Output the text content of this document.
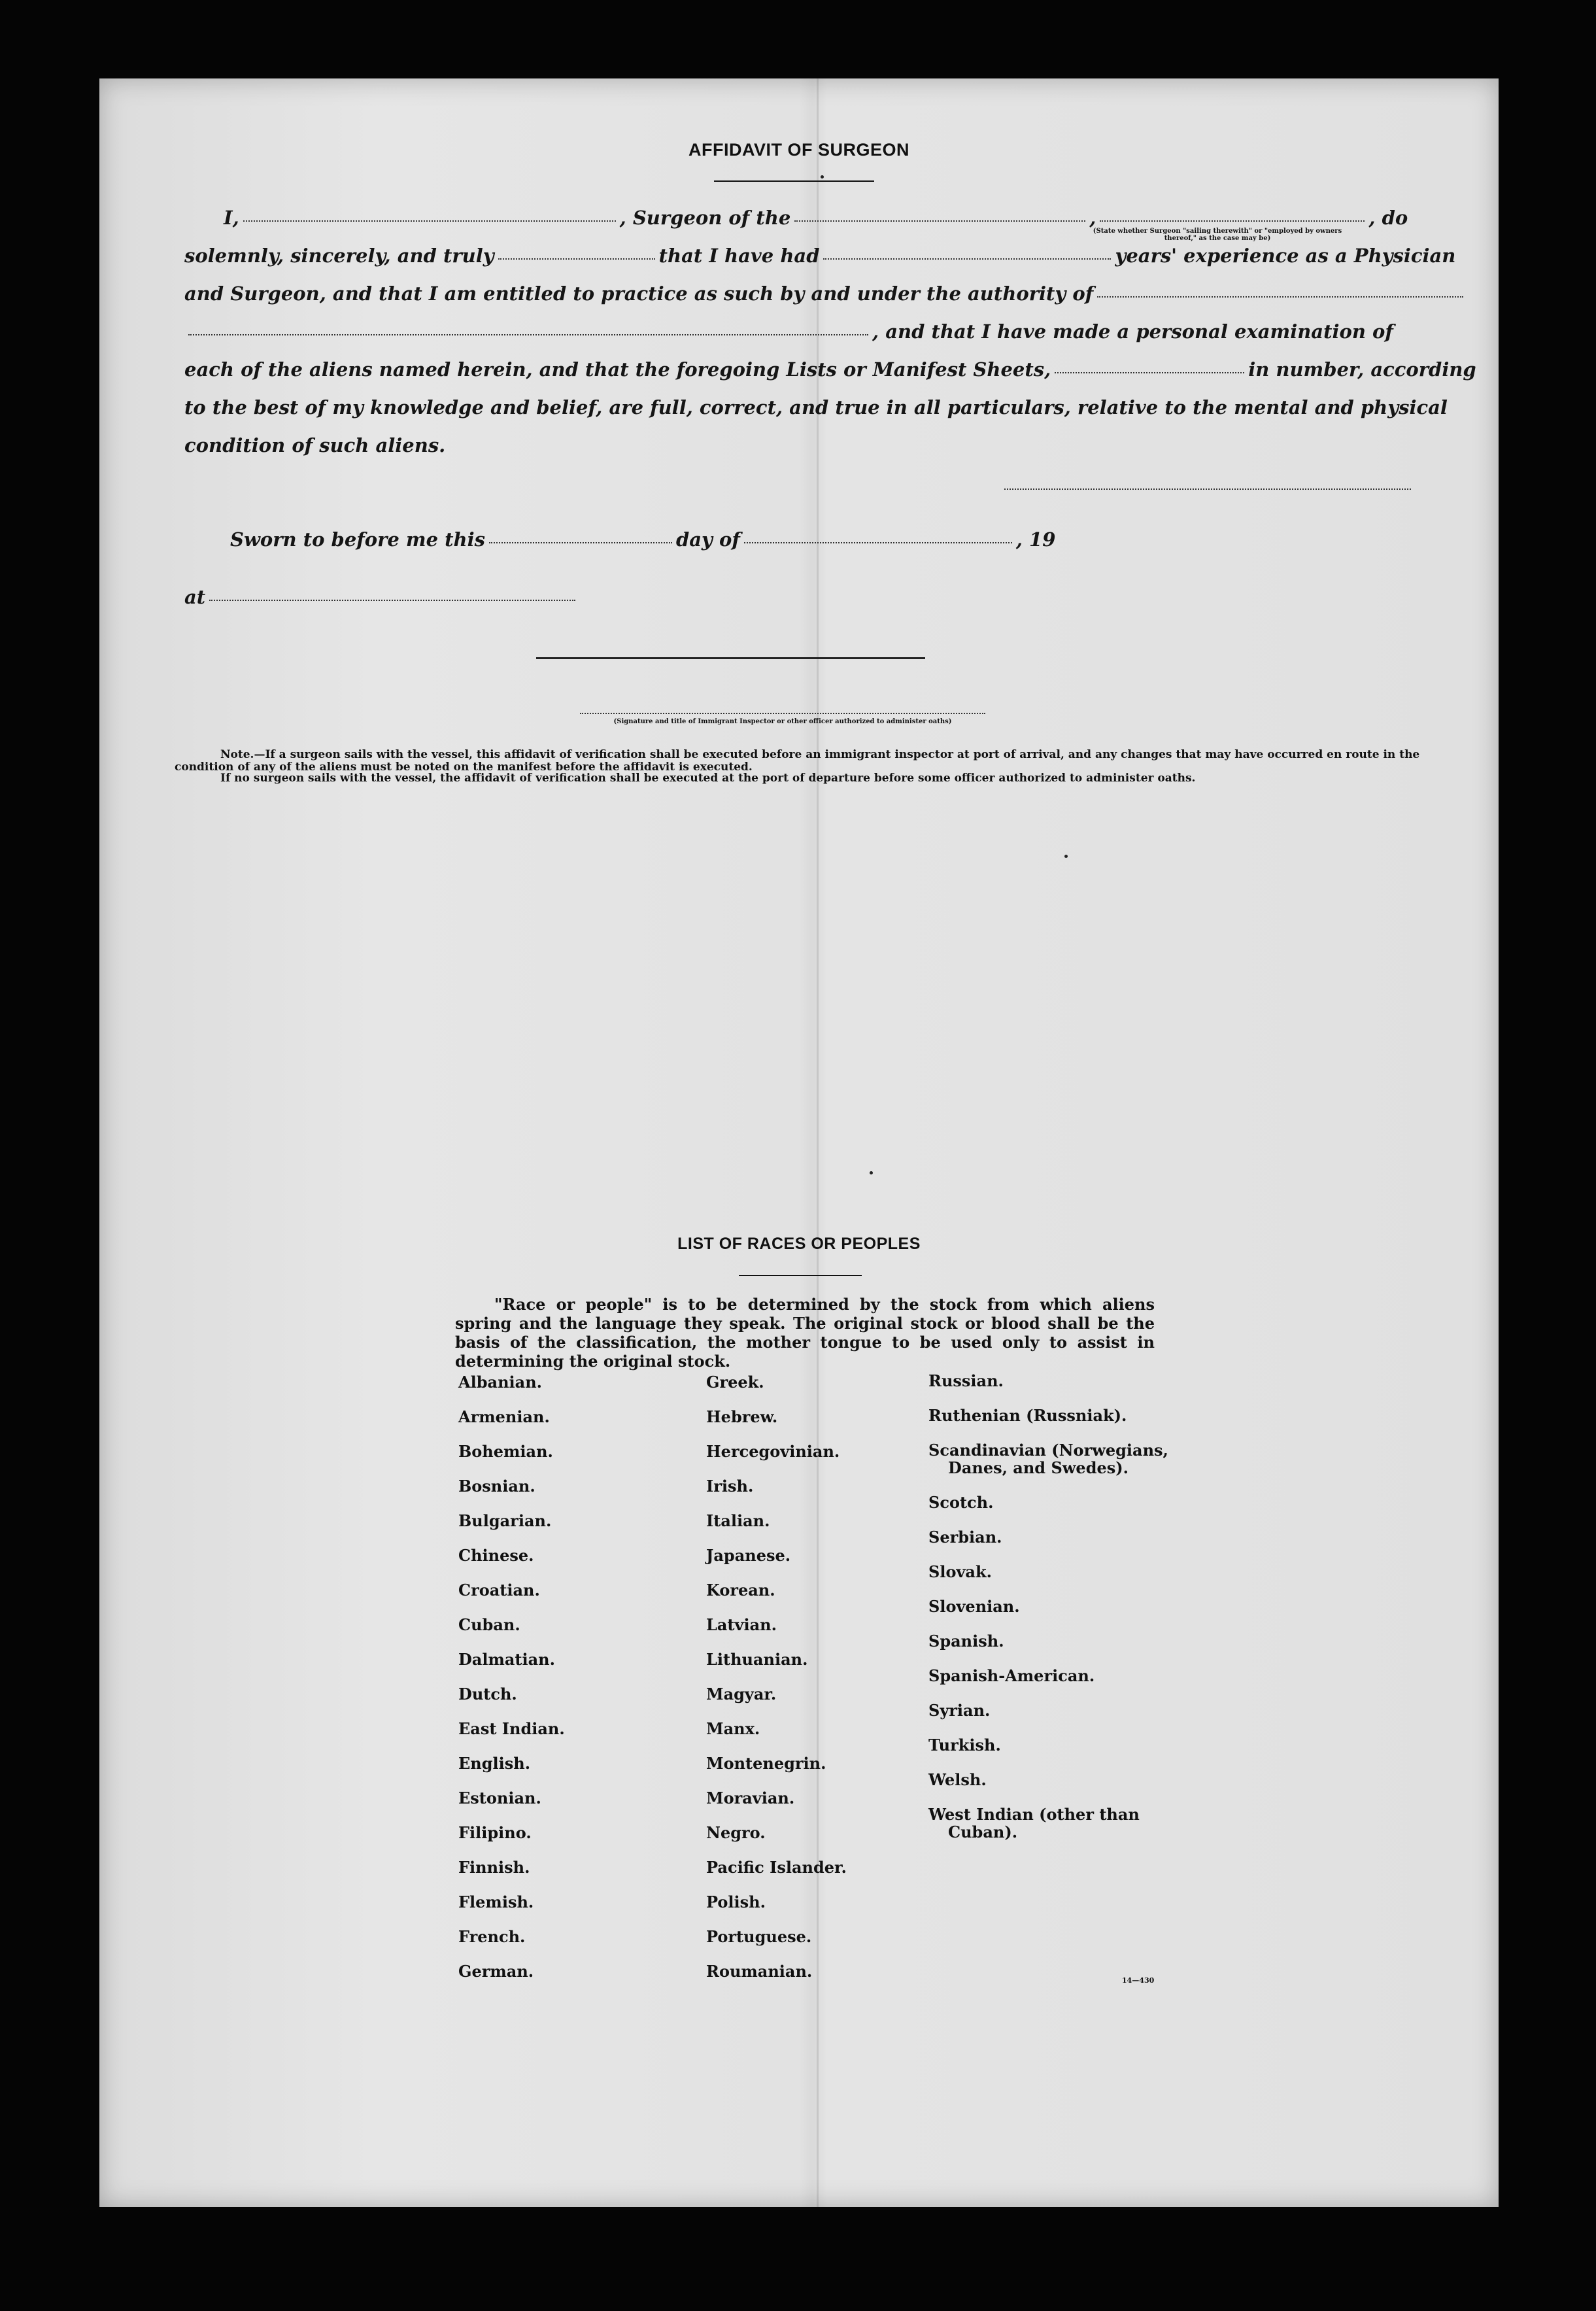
AFFIDAVIT OF SURGEON
I,	, Surgeon of the	,	, do
(State whether Surgeon "sailing therewith" or "employed by owners thereof," as the case may be)
solemnly, sincerely, and truly	that I have had	years' experience as a Physician
and Surgeon, and that I am entitled to practice as such by and under the authority of
, and that I have made a personal examination of
each of the aliens named herein, and that the foregoing Lists or Manifest Sheets,	in number, according
to the best of my knowledge and belief, are full, correct, and true in all particulars, relative to the mental and physical
condition of such aliens.
Sworn to before me this	day of	, 19
at
(Signature and title of Immigrant Inspector or other officer authorized to administer oaths)
Note.—If a surgeon sails with the vessel, this affidavit of verification shall be executed before an immigrant inspector at port of arrival, and any changes that may have occurred en route in the condition of any of the aliens must be noted on the manifest before the affidavit is executed.
If no surgeon sails with the vessel, the affidavit of verification shall be executed at the port of departure before some officer authorized to administer oaths.
LIST OF RACES OR PEOPLES
"Race or people" is to be determined by the stock from which aliens spring and the language they speak. The original stock or blood shall be the basis of the classification, the mother tongue to be used only to assist in determining the original stock.
Albanian.
Armenian.
Bohemian.
Bosnian.
Bulgarian.
Chinese.
Croatian.
Cuban.
Dalmatian.
Dutch.
East Indian.
English.
Estonian.
Filipino.
Finnish.
Flemish.
French.
German.
Greek.
Hebrew.
Hercegovinian.
Irish.
Italian.
Japanese.
Korean.
Latvian.
Lithuanian.
Magyar.
Manx.
Montenegrin.
Moravian.
Negro.
Pacific Islander.
Polish.
Portuguese.
Roumanian.
Russian.
Ruthenian (Russniak).
Scandinavian (Norwegians,
Danes, and Swedes).
Scotch.
Serbian.
Slovak.
Slovenian.
Spanish.
Spanish-American.
Syrian.
Turkish.
Welsh.
West Indian (other than
Cuban).
14—430
